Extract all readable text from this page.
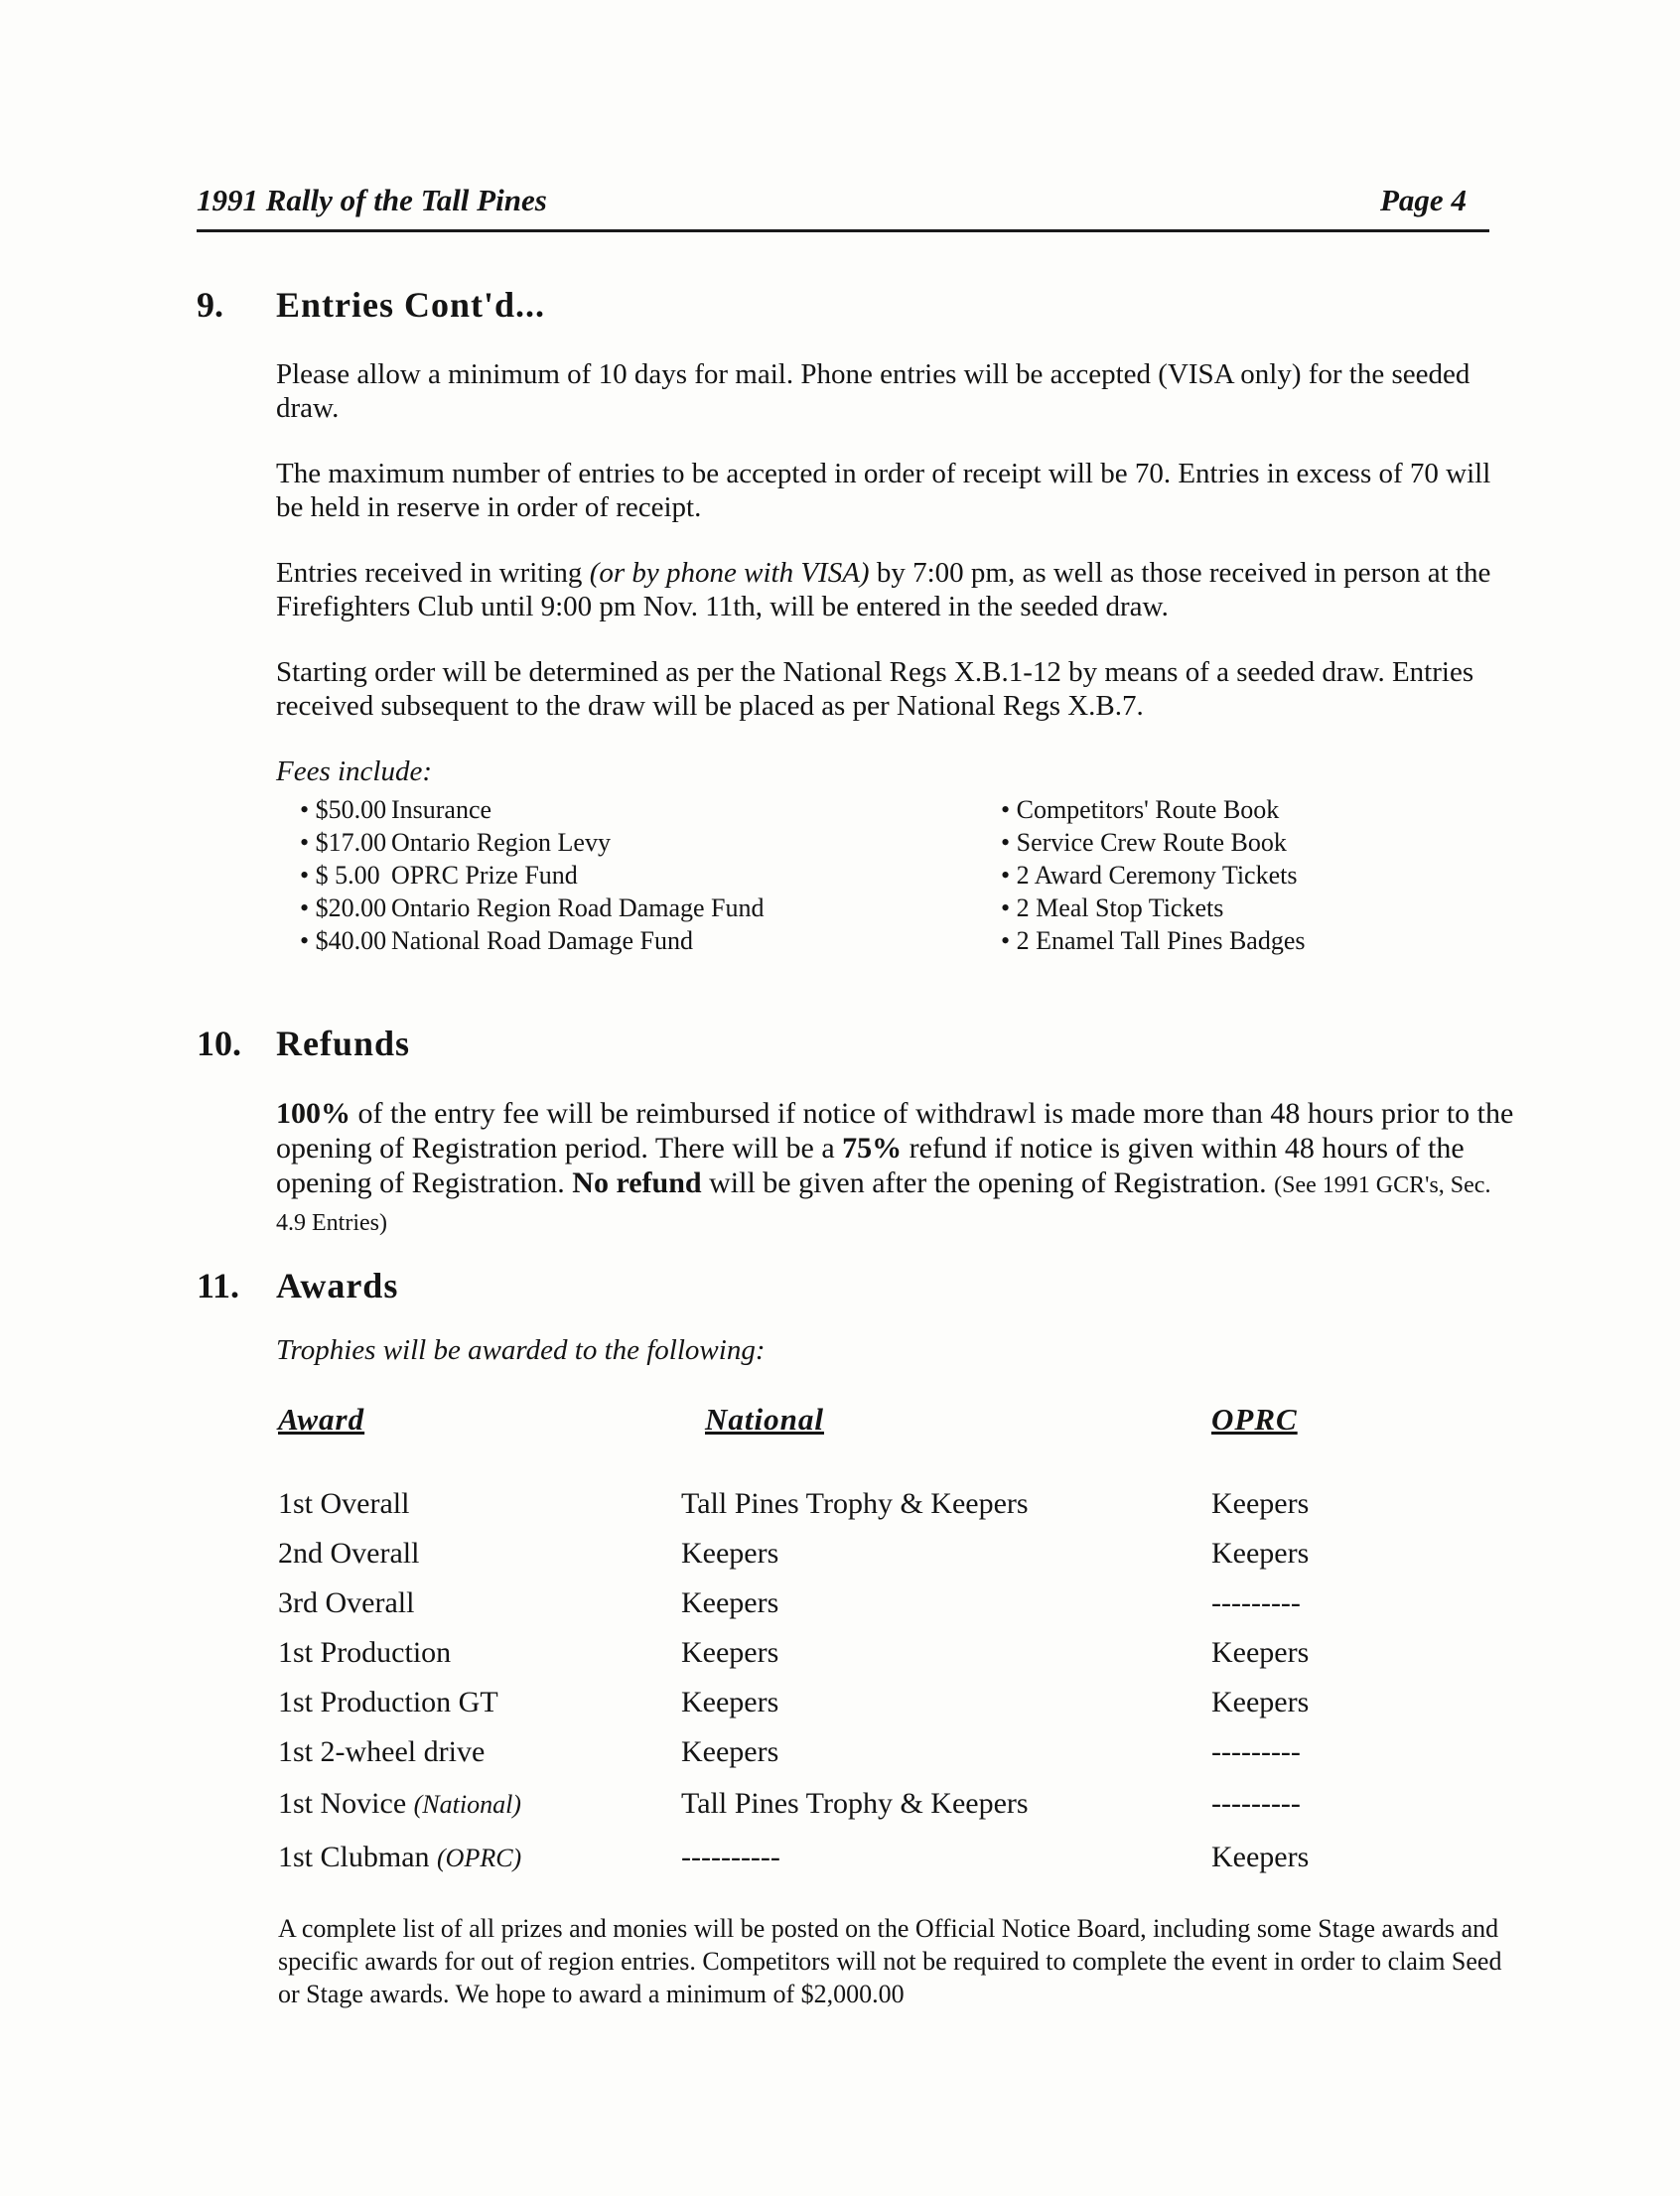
1991 Rally of the Tall Pines	Page 4
9. Entries Cont'd...
Please allow a minimum of 10 days for mail. Phone entries will be accepted (VISA only) for the seeded draw.
The maximum number of entries to be accepted in order of receipt will be 70. Entries in excess of 70 will be held in reserve in order of receipt.
Entries received in writing (or by phone with VISA) by 7:00 pm, as well as those received in person at the Firefighters Club until 9:00 pm Nov. 11th, will be entered in the seeded draw.
Starting order will be determined as per the National Regs X.B.1-12 by means of a seeded draw. Entries received subsequent to the draw will be placed as per National Regs X.B.7.
Fees include:
• $50.00 Insurance
• $17.00 Ontario Region Levy
• $ 5.00 OPRC Prize Fund
• $20.00 Ontario Region Road Damage Fund
• $40.00 National Road Damage Fund
• Competitors' Route Book
• Service Crew Route Book
• 2 Award Ceremony Tickets
• 2 Meal Stop Tickets
• 2 Enamel Tall Pines Badges
10. Refunds
100% of the entry fee will be reimbursed if notice of withdrawl is made more than 48 hours prior to the opening of Registration period. There will be a 75% refund if notice is given within 48 hours of the opening of Registration. No refund will be given after the opening of Registration. (See 1991 GCR's, Sec. 4.9 Entries)
11. Awards
Trophies will be awarded to the following:
Award	National	OPRC
1st Overall	Tall Pines Trophy & Keepers	Keepers
2nd Overall	Keepers	Keepers
3rd Overall	Keepers	---------
1st Production	Keepers	Keepers
1st Production GT	Keepers	Keepers
1st 2-wheel drive	Keepers	---------
1st Novice (National)	Tall Pines Trophy & Keepers	---------
1st Clubman (OPRC)	----------	Keepers
A complete list of all prizes and monies will be posted on the Official Notice Board, including some Stage awards and specific awards for out of region entries. Competitors will not be required to complete the event in order to claim Seed or Stage awards. We hope to award a minimum of $2,000.00
